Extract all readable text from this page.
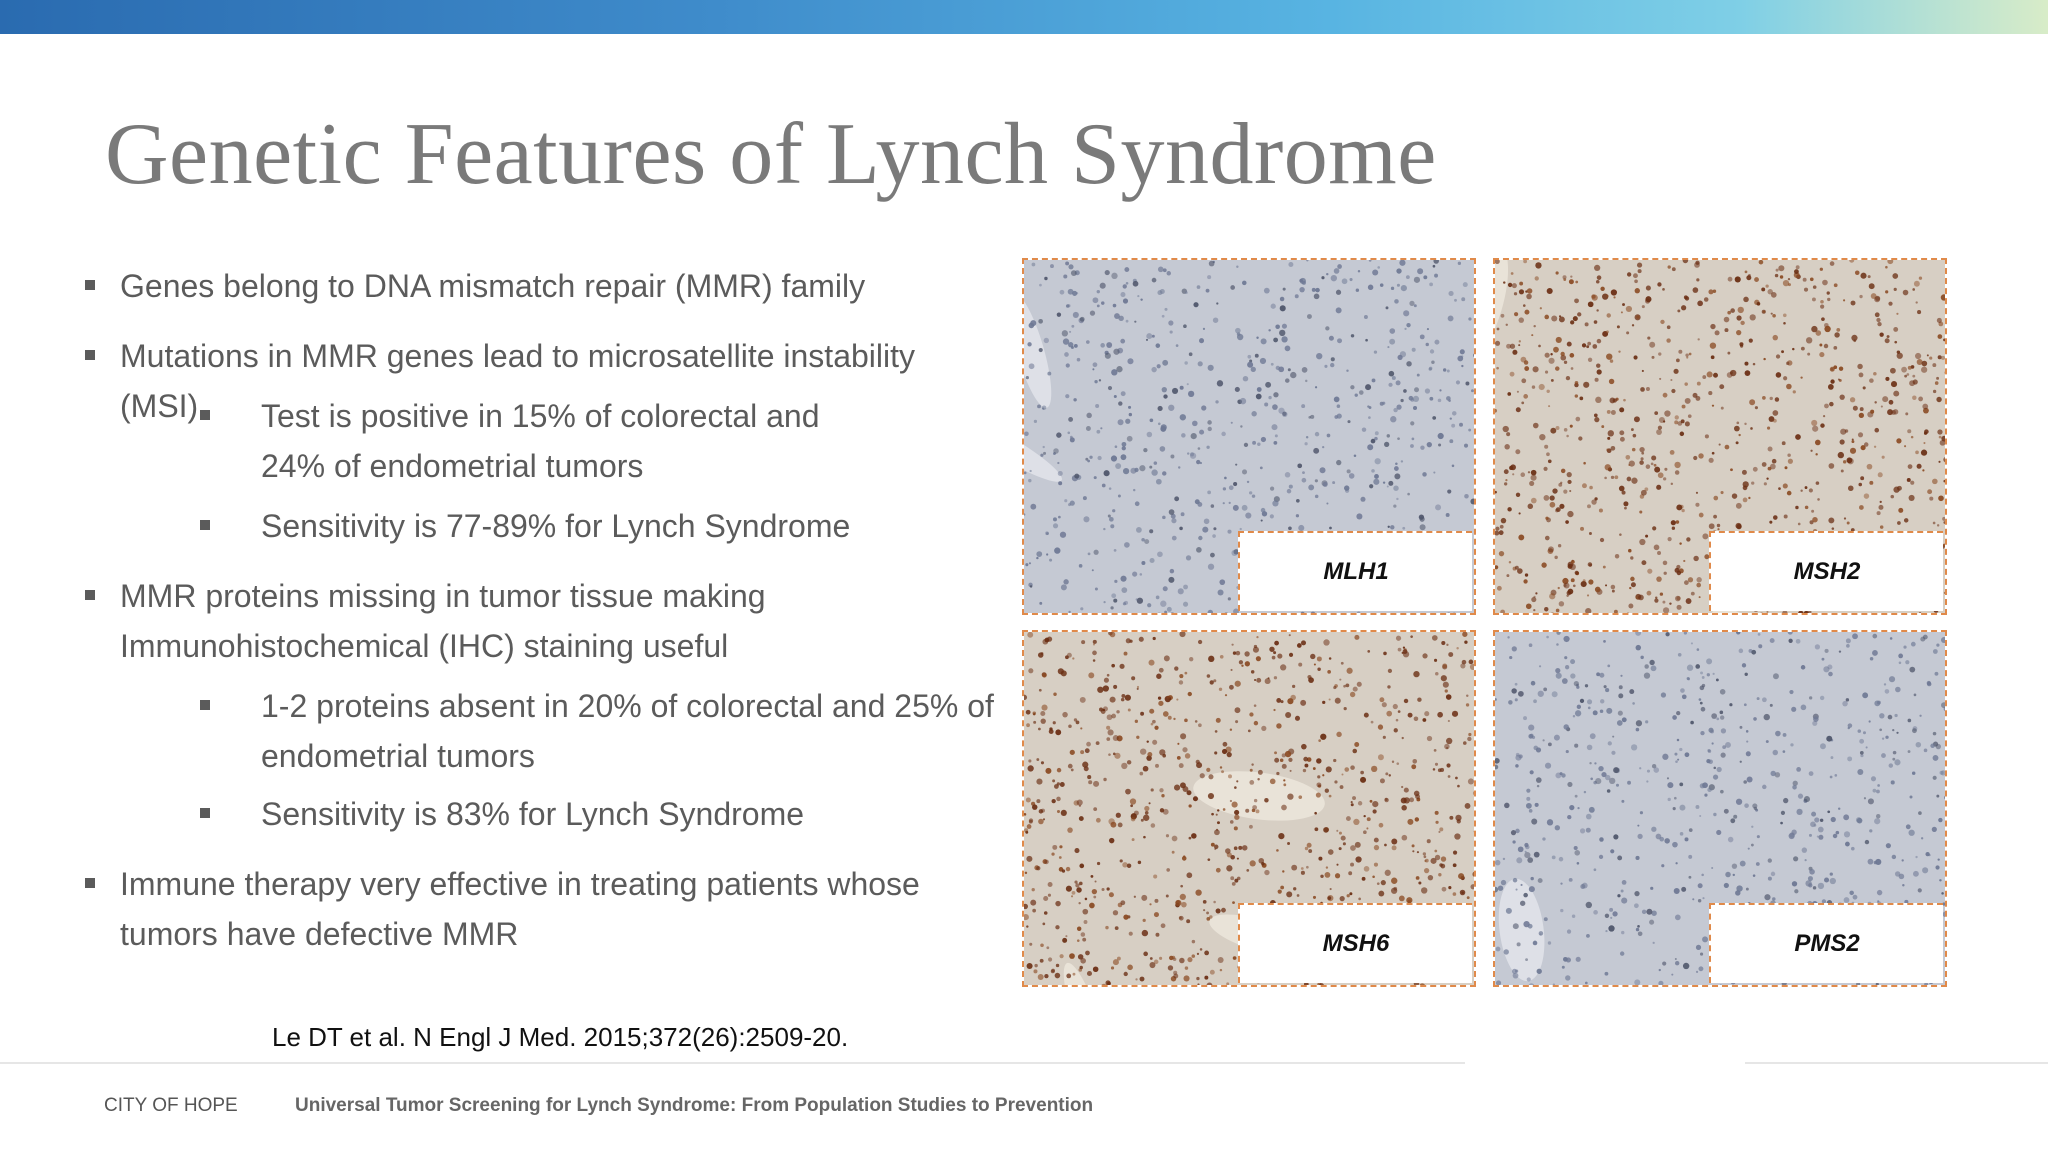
Genetic Features of Lynch Syndrome
Genes belong to DNA mismatch repair (MMR) family
Mutations in MMR genes lead to microsatellite instability (MSI)	Test is positive in 15% of colorectal and
24% of endometrial tumors
Sensitivity is 77-89% for Lynch Syndrome
MMR proteins missing in tumor tissue making
Immunohistochemical (IHC) staining useful
1-2 proteins absent in 20% of colorectal and 25% of
endometrial tumors
Sensitivity is 83% for Lynch Syndrome
Immune therapy very effective in treating patients whose
tumors have defective MMR
MLH1	MSH2
MSH6	PMS2
Le DT et al. N Engl J Med. 2015;372(26):2509-20.
CITY OF HOPE	Universal Tumor Screening for Lynch Syndrome: From Population Studies to Prevention
